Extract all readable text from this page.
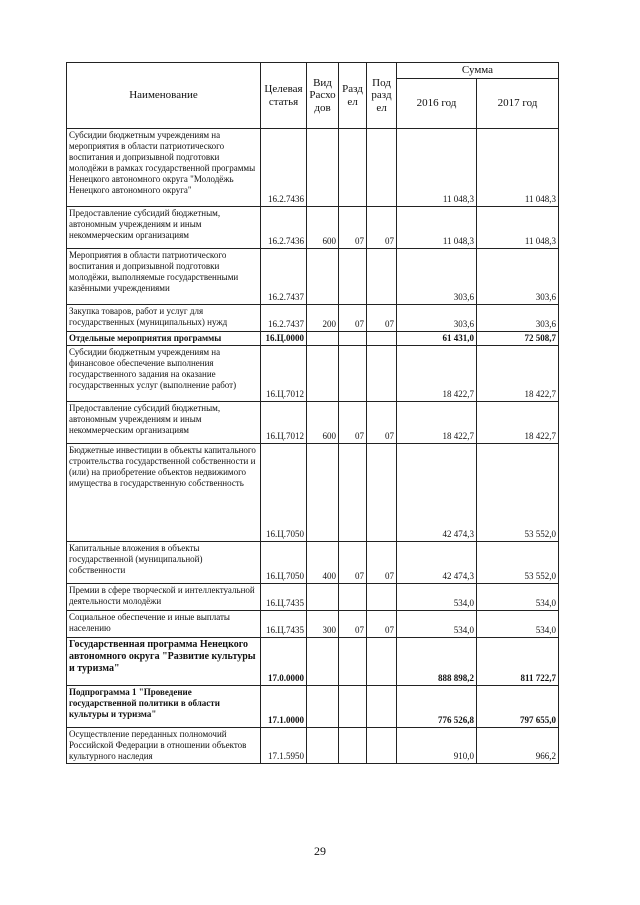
Наименование	Целевая статья	Вид Расхо дов	Разд ел	Под разд ел	Сумма	
					2016 год	2017 год
Субсидии бюджетным учреждениям на мероприятия в области патриотического воспитания и допризывной подготовки молодёжи в рамках государственной программы Ненецкого автономного округа "Молодёжь Ненецкого автономного округа"	16.2.7436				11 048,3	11 048,3
Предоставление субсидий бюджетным, автономным учреждениям и иным некоммерческим организациям	16.2.7436	600	07	07	11 048,3	11 048,3
Мероприятия в области патриотического воспитания и допризывной подготовки молодёжи, выполняемые государственными казёнными учреждениями	16.2.7437				303,6	303,6
Закупка товаров, работ и услуг для государственных (муниципальных) нужд	16.2.7437	200	07	07	303,6	303,6
Отдельные мероприятия программы	16.Ц.0000				61 431,0	72 508,7
Субсидии бюджетным учреждениям на финансовое обеспечение выполнения государственного задания на оказание государственных услуг (выполнение работ)	16.Ц.7012				18 422,7	18 422,7
Предоставление субсидий бюджетным, автономным учреждениям и иным некоммерческим организациям	16.Ц.7012	600	07	07	18 422,7	18 422,7
Бюджетные инвестиции в объекты капитального строительства государственной собственности и (или) на приобретение объектов недвижимого имущества в государственную собственность	16.Ц.7050				42 474,3	53 552,0
Капитальные вложения в объекты государственной (муниципальной) собственности	16.Ц.7050	400	07	07	42 474,3	53 552,0
Премии в сфере творческой и интеллектуальной деятельности молодёжи	16.Ц.7435				534,0	534,0
Социальное обеспечение и иные выплаты населению	16.Ц.7435	300	07	07	534,0	534,0
Государственная программа Ненецкого автономного округа "Развитие культуры и туризма"	17.0.0000				888 898,2	811 722,7
Подпрограмма 1 "Проведение государственной политики в области культуры и туризма"	17.1.0000				776 526,8	797 655,0
Осуществление переданных полномочий Российской Федерации в отношении объектов культурного наследия	17.1.5950				910,0	966,2
29
